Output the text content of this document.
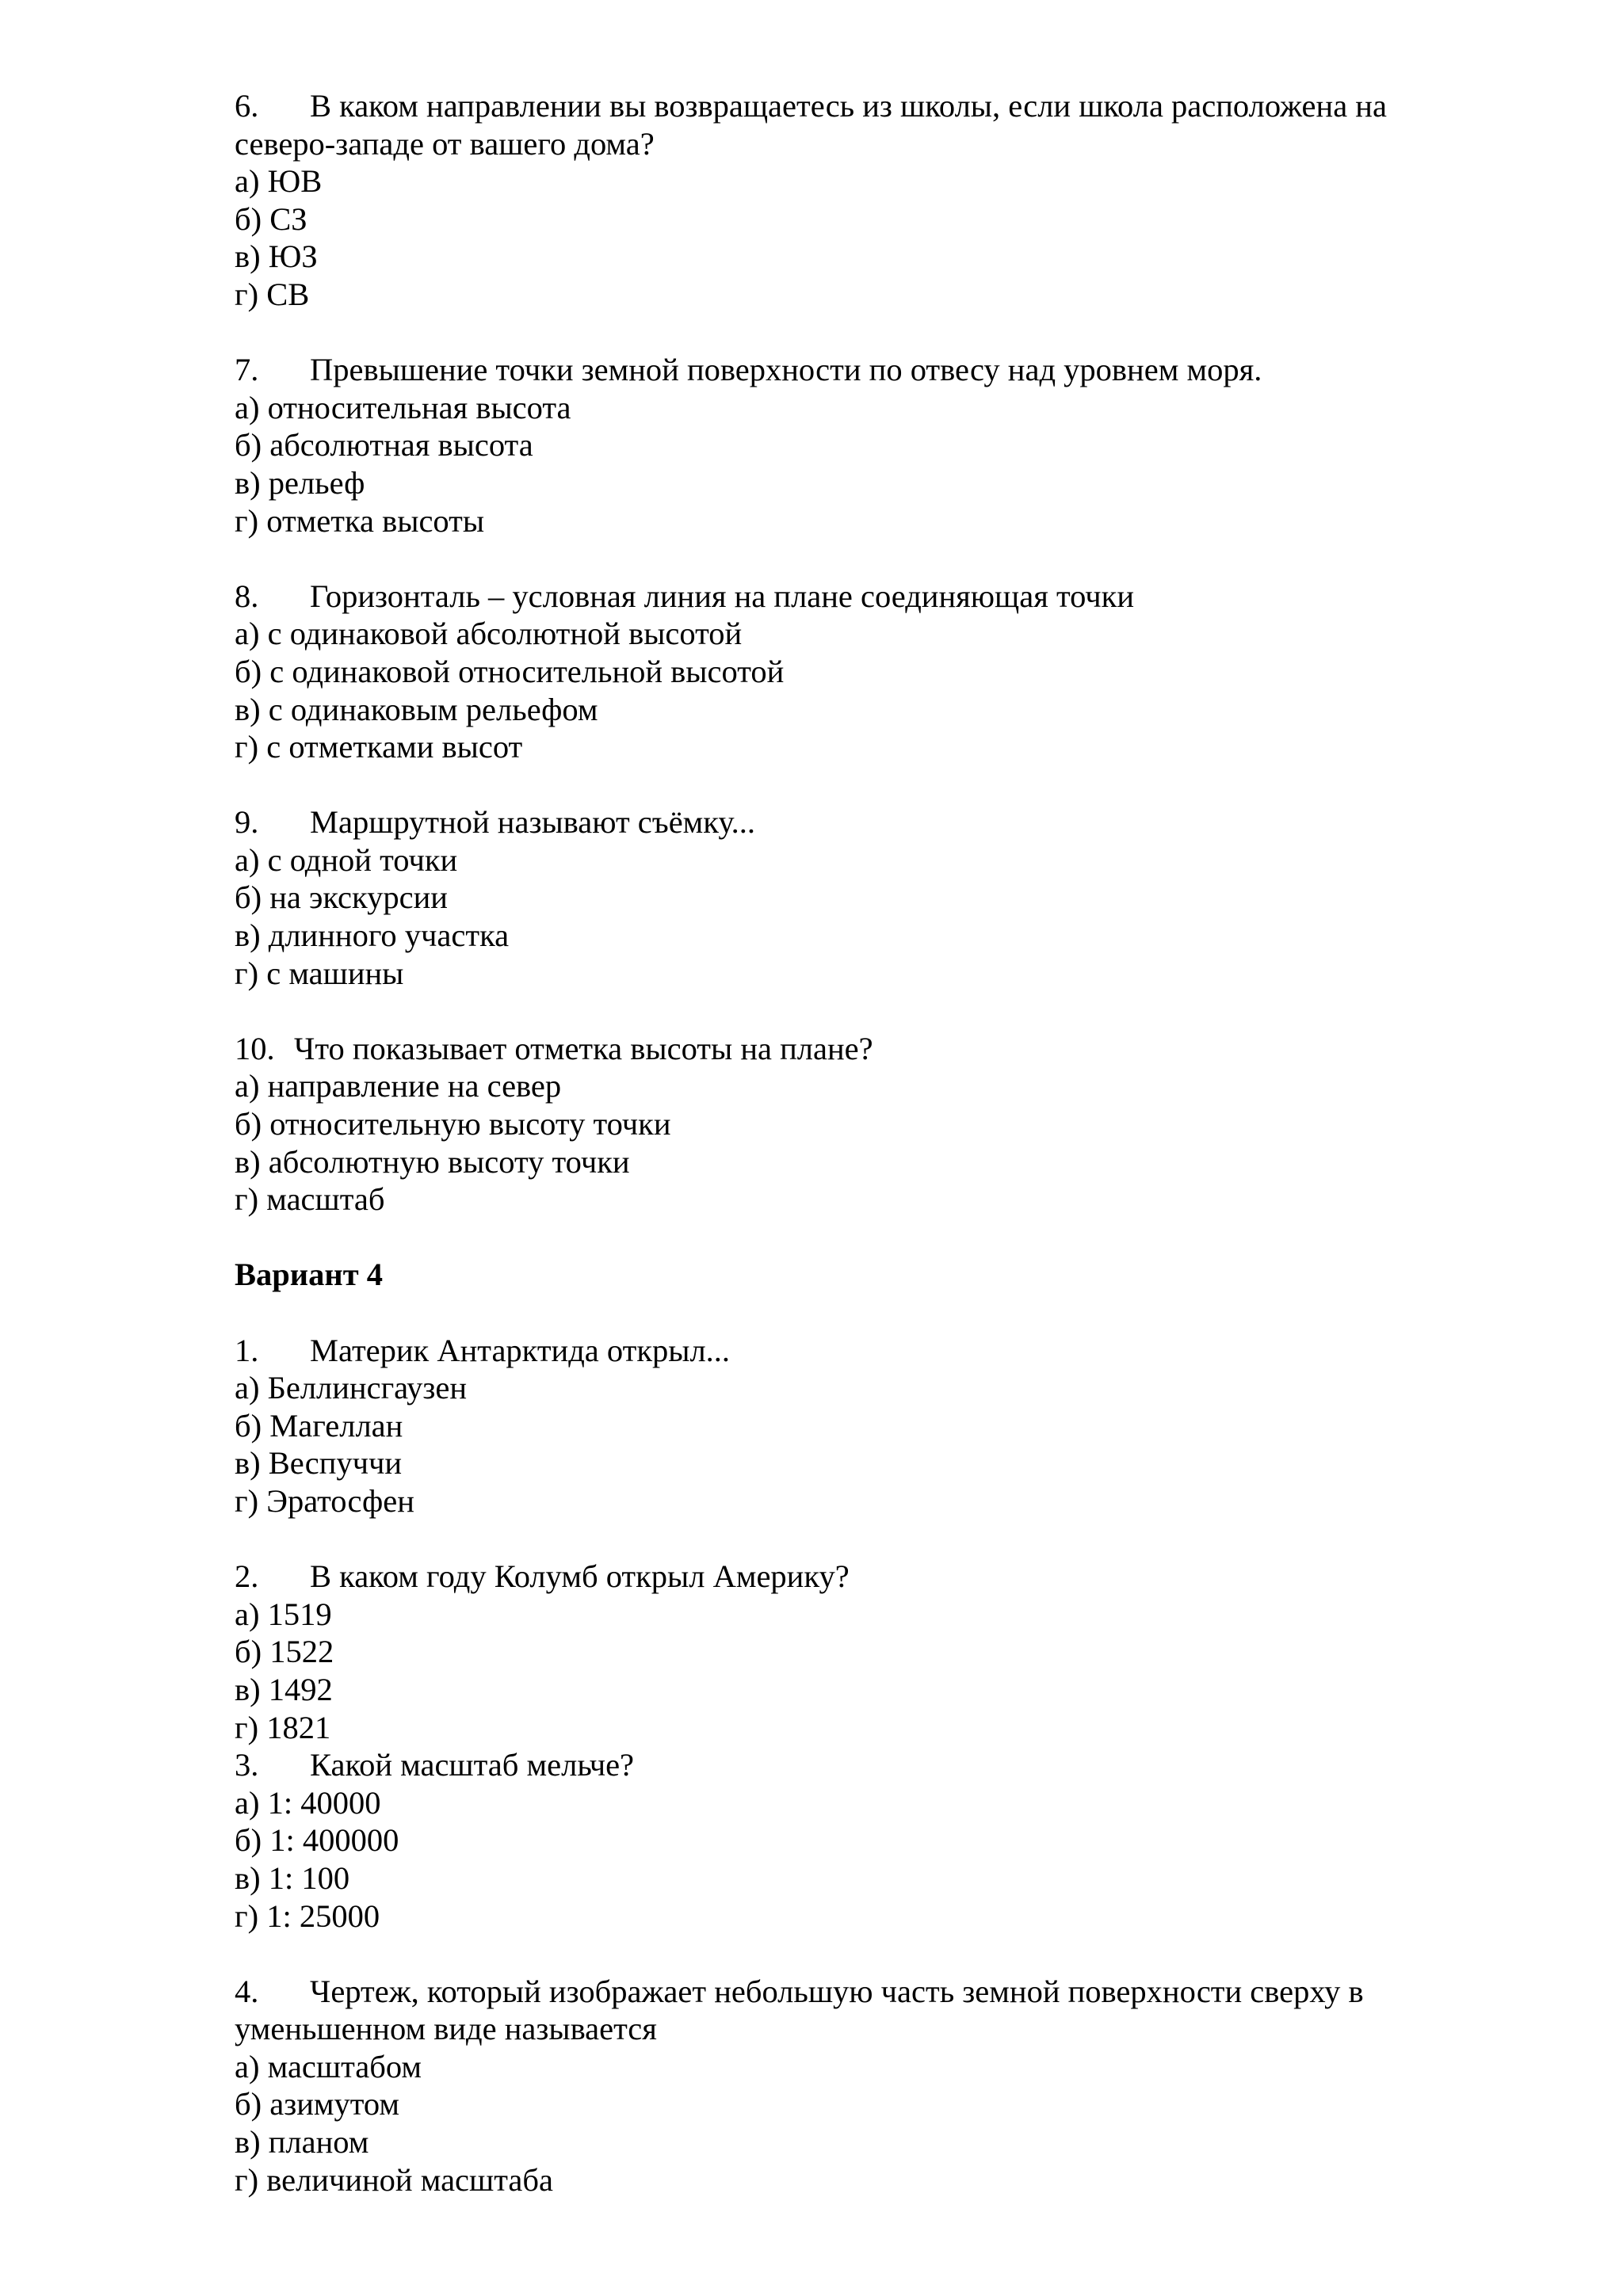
6. В каком направлении вы возвращаетесь из школы, если школа расположена на
северо-западе от вашего дома?
а) ЮВ
б) СЗ
в) ЮЗ
г) СВ
7. Превышение точки земной поверхности по отвесу над уровнем моря.
а) относительная высота
б) абсолютная высота
в) рельеф
г) отметка высоты
8. Горизонталь – условная линия на плане соединяющая точки
а) с одинаковой абсолютной высотой
б) с одинаковой относительной высотой
в) с одинаковым рельефом
г) с отметками высот
9. Маршрутной называют съёмку...
а) с одной точки
б) на экскурсии
в) длинного участка
г) с машины
10. Что показывает отметка высоты на плане?
а) направление на север
б) относительную высоту точки
в) абсолютную высоту точки
г) масштаб
Вариант 4
1. Материк Антарктида открыл...
а) Беллинсгаузен
б) Магеллан
в) Веспуччи
г) Эратосфен
2. В каком году Колумб открыл Америку?
а) 1519
б) 1522
в) 1492
г) 1821
3. Какой масштаб мельче?
а) 1: 40000
б) 1: 400000
в) 1: 100
г) 1: 25000
4. Чертеж, который изображает небольшую часть земной поверхности сверху в
уменьшенном виде называется
а) масштабом
б) азимутом
в) планом
г) величиной масштаба
